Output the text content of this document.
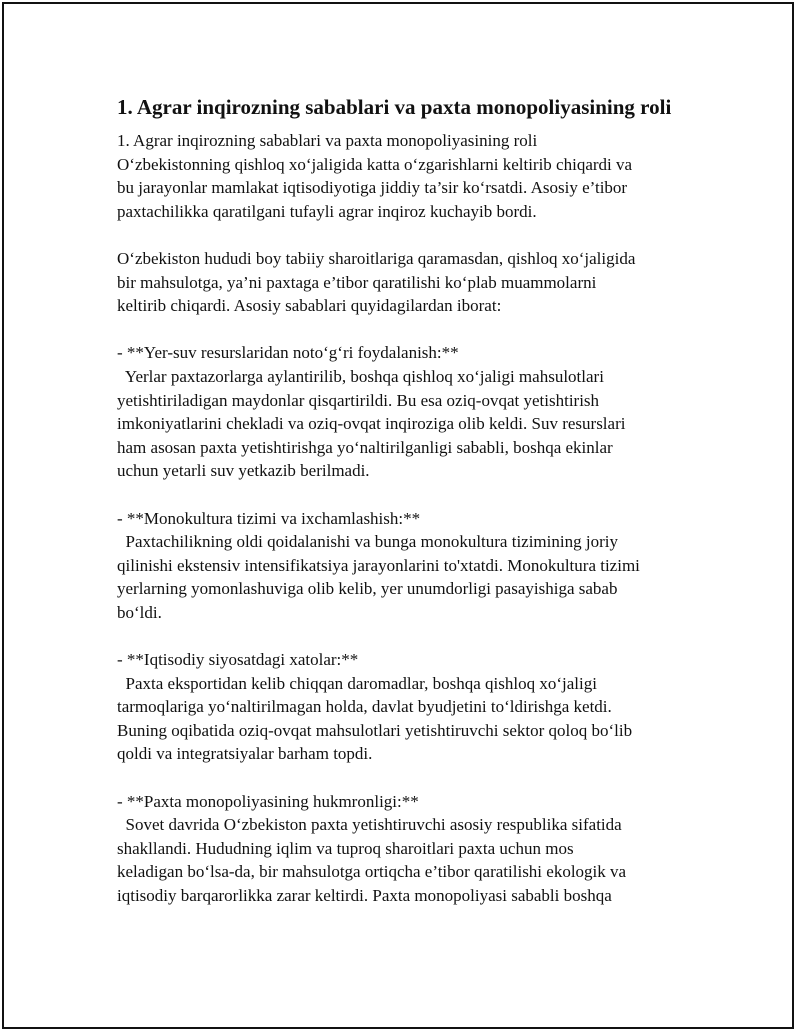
1. Agrar inqirozning sabablari va paxta monopoliyasining roli
1. Agrar inqirozning sabablari va paxta monopoliyasining roli
O‘zbekistonning qishloq xo‘jaligida katta o‘zgarishlarni keltirib chiqardi va
bu jarayonlar mamlakat iqtisodiyotiga jiddiy ta’sir ko‘rsatdi. Asosiy e’tibor
paxtachilikka qaratilgani tufayli agrar inqiroz kuchayib bordi.
O‘zbekiston hududi boy tabiiy sharoitlariga qaramasdan, qishloq xo‘jaligida
bir mahsulotga, ya’ni paxtaga e’tibor qaratilishi ko‘plab muammolarni
keltirib chiqardi. Asosiy sabablari quyidagilardan iborat:
- **Yer-suv resurslaridan noto‘g‘ri foydalanish:**
Yerlar paxtazorlarga aylantirilib, boshqa qishloq xo‘jaligi mahsulotlari
yetishtiriladigan maydonlar qisqartirildi. Bu esa oziq-ovqat yetishtirish
imkoniyatlarini chekladi va oziq-ovqat inqiroziga olib keldi. Suv resurslari
ham asosan paxta yetishtirishga yo‘naltirilganligi sababli, boshqa ekinlar
uchun yetarli suv yetkazib berilmadi.
- **Monokultura tizimi va ixchamlashish:**
Paxtachilikning oldi qoidalanishi va bunga monokultura tizimining joriy
qilinishi ekstensiv intensifikatsiya jarayonlarini to'xtatdi. Monokultura tizimi
yerlarning yomonlashuviga olib kelib, yer unumdorligi pasayishiga sabab
bo‘ldi.
- **Iqtisodiy siyosatdagi xatolar:**
Paxta eksportidan kelib chiqqan daromadlar, boshqa qishloq xo‘jaligi
tarmoqlariga yo‘naltirilmagan holda, davlat byudjetini to‘ldirishga ketdi.
Buning oqibatida oziq-ovqat mahsulotlari yetishtiruvchi sektor qoloq bo‘lib
qoldi va integratsiyalar barham topdi.
- **Paxta monopoliyasining hukmronligi:**
Sovet davrida O‘zbekiston paxta yetishtiruvchi asosiy respublika sifatida
shakllandi. Hududning iqlim va tuproq sharoitlari paxta uchun mos
keladigan bo‘lsa-da, bir mahsulotga ortiqcha e’tibor qaratilishi ekologik va
iqtisodiy barqarorlikka zarar keltirdi. Paxta monopoliyasi sababli boshqa
